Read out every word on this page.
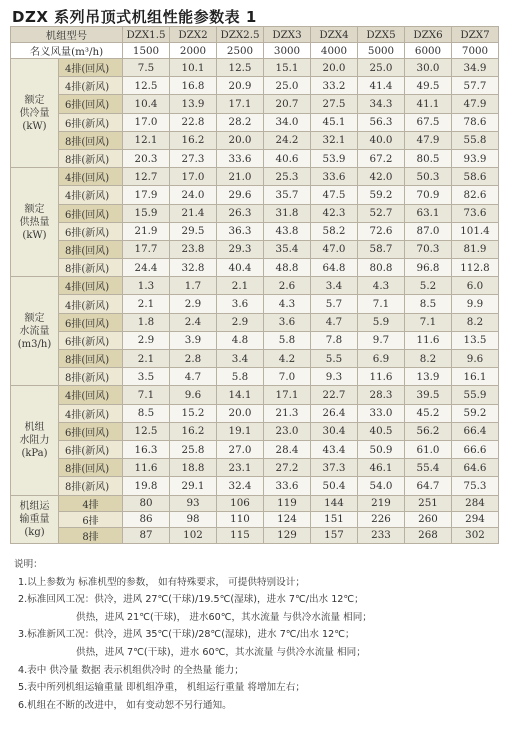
DZX 系列吊顶式机组性能参数表 1
机组型号		DZX1.5	DZX2	DZX2.5	DZX3	DZX4	DZX5	DZX6	DZX7
名义风量(m³/h)		1500	2000	2500	3000	4000	5000	6000	7000

额定
供冷量
(kW)	4排(回风)	7.5	10.1	12.5	15.1	20.0	25.0	30.0	34.9
	4排(新风)	12.5	16.8	20.9	25.0	33.2	41.4	49.5	57.7
	6排(回风)	10.4	13.9	17.1	20.7	27.5	34.3	41.1	47.9
	6排(新风)	17.0	22.8	28.2	34.0	45.1	56.3	67.5	78.6
	8排(回风)	12.1	16.2	20.0	24.2	32.1	40.0	47.9	55.8
	8排(新风)	20.3	27.3	33.6	40.6	53.9	67.2	80.5	93.9

额定
供热量
(kW)	4排(回风)	12.7	17.0	21.0	25.3	33.6	42.0	50.3	58.6
	4排(新风)	17.9	24.0	29.6	35.7	47.5	59.2	70.9	82.6
	6排(回风)	15.9	21.4	26.3	31.8	42.3	52.7	63.1	73.6
	6排(新风)	21.9	29.5	36.3	43.8	58.2	72.6	87.0	101.4
	8排(回风)	17.7	23.8	29.3	35.4	47.0	58.7	70.3	81.9
	8排(新风)	24.4	32.8	40.4	48.8	64.8	80.8	96.8	112.8

额定
水流量
(m3/h)	4排(回风)	1.3	1.7	2.1	2.6	3.4	4.3	5.2	6.0
	4排(新风)	2.1	2.9	3.6	4.3	5.7	7.1	8.5	9.9
	6排(回风)	1.8	2.4	2.9	3.6	4.7	5.9	7.1	8.2
	6排(新风)	2.9	3.9	4.8	5.8	7.8	9.7	11.6	13.5
	8排(回风)	2.1	2.8	3.4	4.2	5.5	6.9	8.2	9.6
	8排(新风)	3.5	4.7	5.8	7.0	9.3	11.6	13.9	16.1

机组
水阻力
(kPa)	4排(回风)	7.1	9.6	14.1	17.1	22.7	28.3	39.5	55.9
	4排(新风)	8.5	15.2	20.0	21.3	26.4	33.0	45.2	59.2
	6排(回风)	12.5	16.2	19.1	23.0	30.4	40.5	56.2	66.4
	6排(新风)	16.3	25.8	27.0	28.4	43.4	50.9	61.0	66.6
	8排(回风)	11.6	18.8	23.1	27.2	37.3	46.1	55.4	64.6
	8排(新风)	19.8	29.1	32.4	33.6	50.4	54.0	64.7	75.3

机组运
输重量
(kg)	4排	80	93	106	119	144	219	251	284
	6排	86	98	110	124	151	226	260	294
	8排	87	102	115	129	157	233	268	302
说明：
1.以上参数为 标准机型的参数， 如有特殊要求， 可提供特别设计；
2.标准回风工况：供冷，进风 27℃(干球)/19.5℃(湿球)，进水 7℃/出水 12℃；
供热，进风 21℃(干球)， 进水60℃，其水流量 与供冷水流量 相同；
3.标准新风工况：供冷，进风 35℃(干球)/28℃(湿球)，进水 7℃/出水 12℃；
供热，进风 7℃(干球)，进水 60℃，其水流量 与供冷水流量 相同；
4.表中 供冷量 数据 表示机组供冷时 的全热量 能力；
5.表中所列机组运输重量 即机组净重， 机组运行重量 将增加左右；
6.机组在不断的改进中， 如有变动恕不另行通知。
